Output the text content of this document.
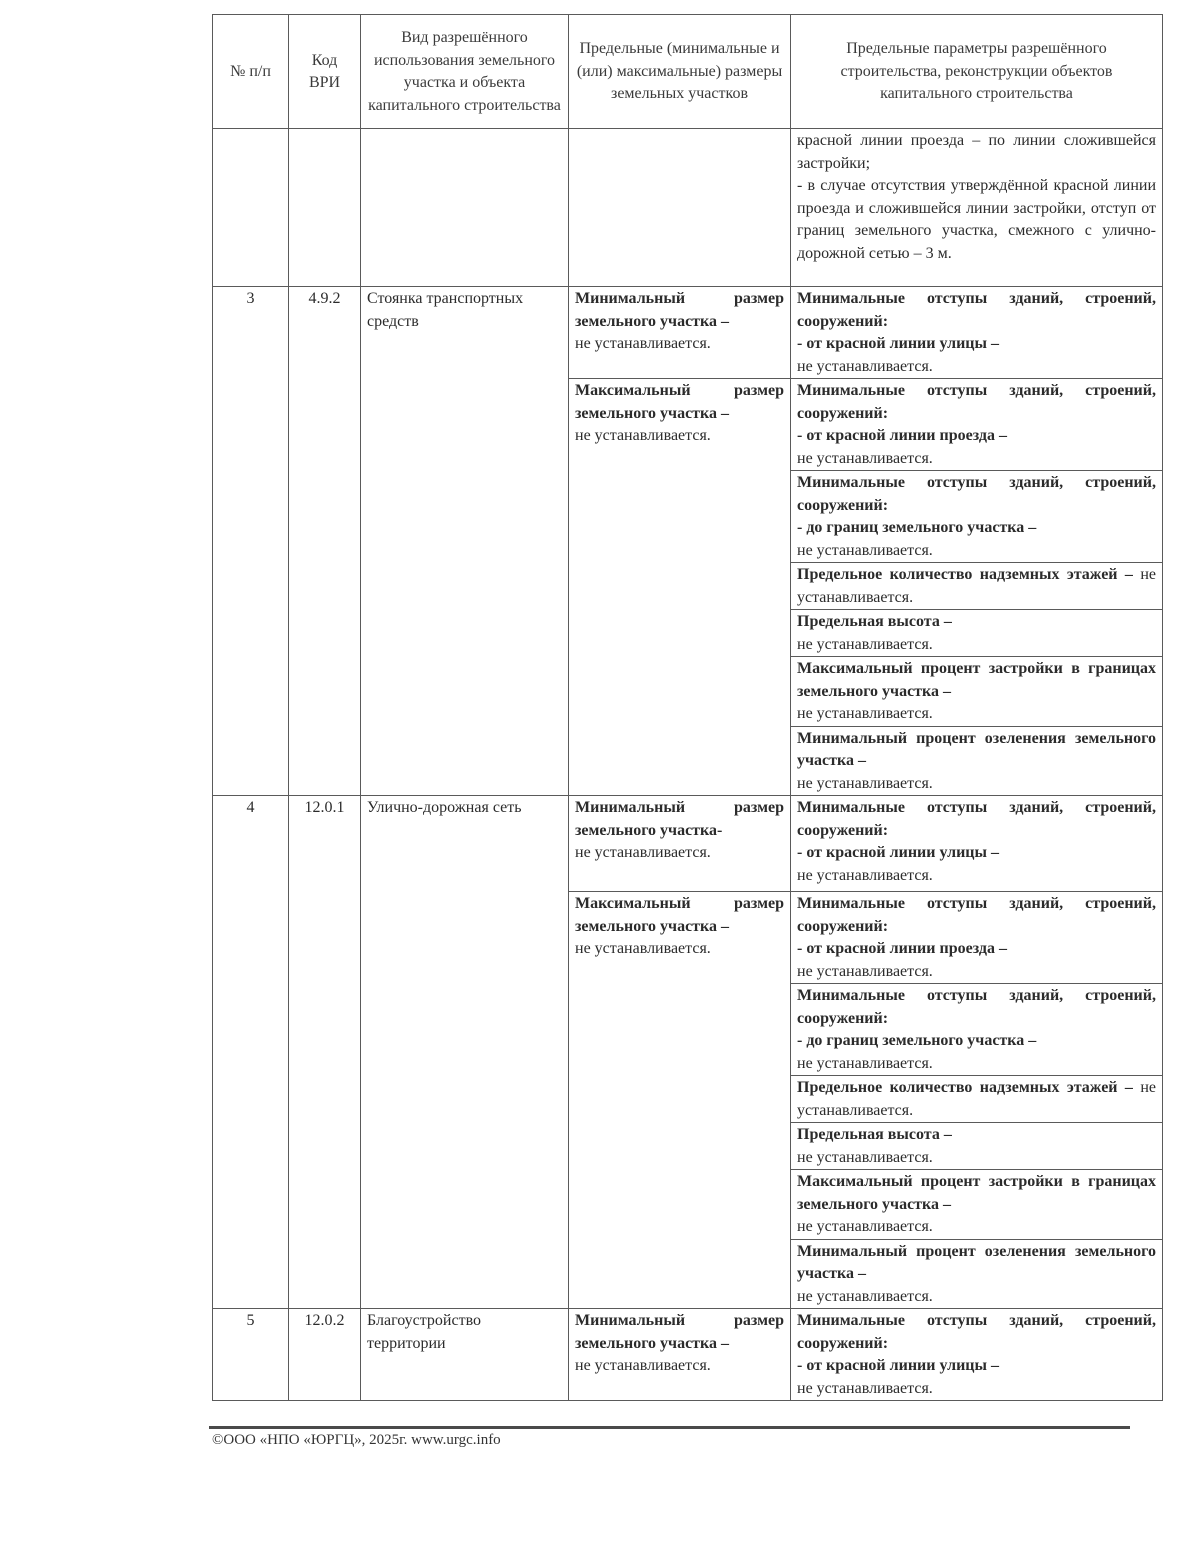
№ п/п	Код ВРИ	Вид разрешённого использования земельного участка и объекта капитального строительства	Предельные (минимальные и (или) максимальные) размеры земельных участков	Предельные параметры разрешённого строительства, реконструкции объектов капитального строительства

				красной линии проезда – по линии сложившейся застройки;
- в случае отсутствия утверждённой красной линии проезда и сложившейся линии застройки, отступ от границ земельного участка, смежного с улично-дорожной сетью – 3 м.

3	4.9.2	Стоянка транспортных средств	Минимальный размер земельного участка –
не устанавливается.	Минимальные отступы зданий, строений, сооружений:
- от красной линии улицы –
не устанавливается.

			Максимальный размер земельного участка –
не устанавливается.	Минимальные отступы зданий, строений, сооружений:
- от красной линии проезда –
не устанавливается.

				Минимальные отступы зданий, строений, сооружений:
- до границ земельного участка –
не устанавливается.

				Предельное количество надземных этажей – не устанавливается.

				Предельная высота –
не устанавливается.

				Максимальный процент застройки в границах земельного участка –
не устанавливается.

				Минимальный процент озеленения земельного участка –
не устанавливается.

4	12.0.1	Улично-дорожная сеть	Минимальный размер земельного участка-
не устанавливается.	Минимальные отступы зданий, строений, сооружений:
- от красной линии улицы –
не устанавливается.

			Максимальный размер земельного участка –
не устанавливается.	Минимальные отступы зданий, строений, сооружений:
- от красной линии проезда –
не устанавливается.

				Минимальные отступы зданий, строений, сооружений:
- до границ земельного участка –
не устанавливается.

				Предельное количество надземных этажей – не устанавливается.

				Предельная высота –
не устанавливается.

				Максимальный процент застройки в границах земельного участка –
не устанавливается.

				Минимальный процент озеленения земельного участка –
не устанавливается.

5	12.0.2	Благоустройство территории	Минимальный размер земельного участка –
не устанавливается.	Минимальные отступы зданий, строений, сооружений:
- от красной линии улицы –
не устанавливается.
©ООО «НПО «ЮРГЦ», 2025г. www.urgc.info
